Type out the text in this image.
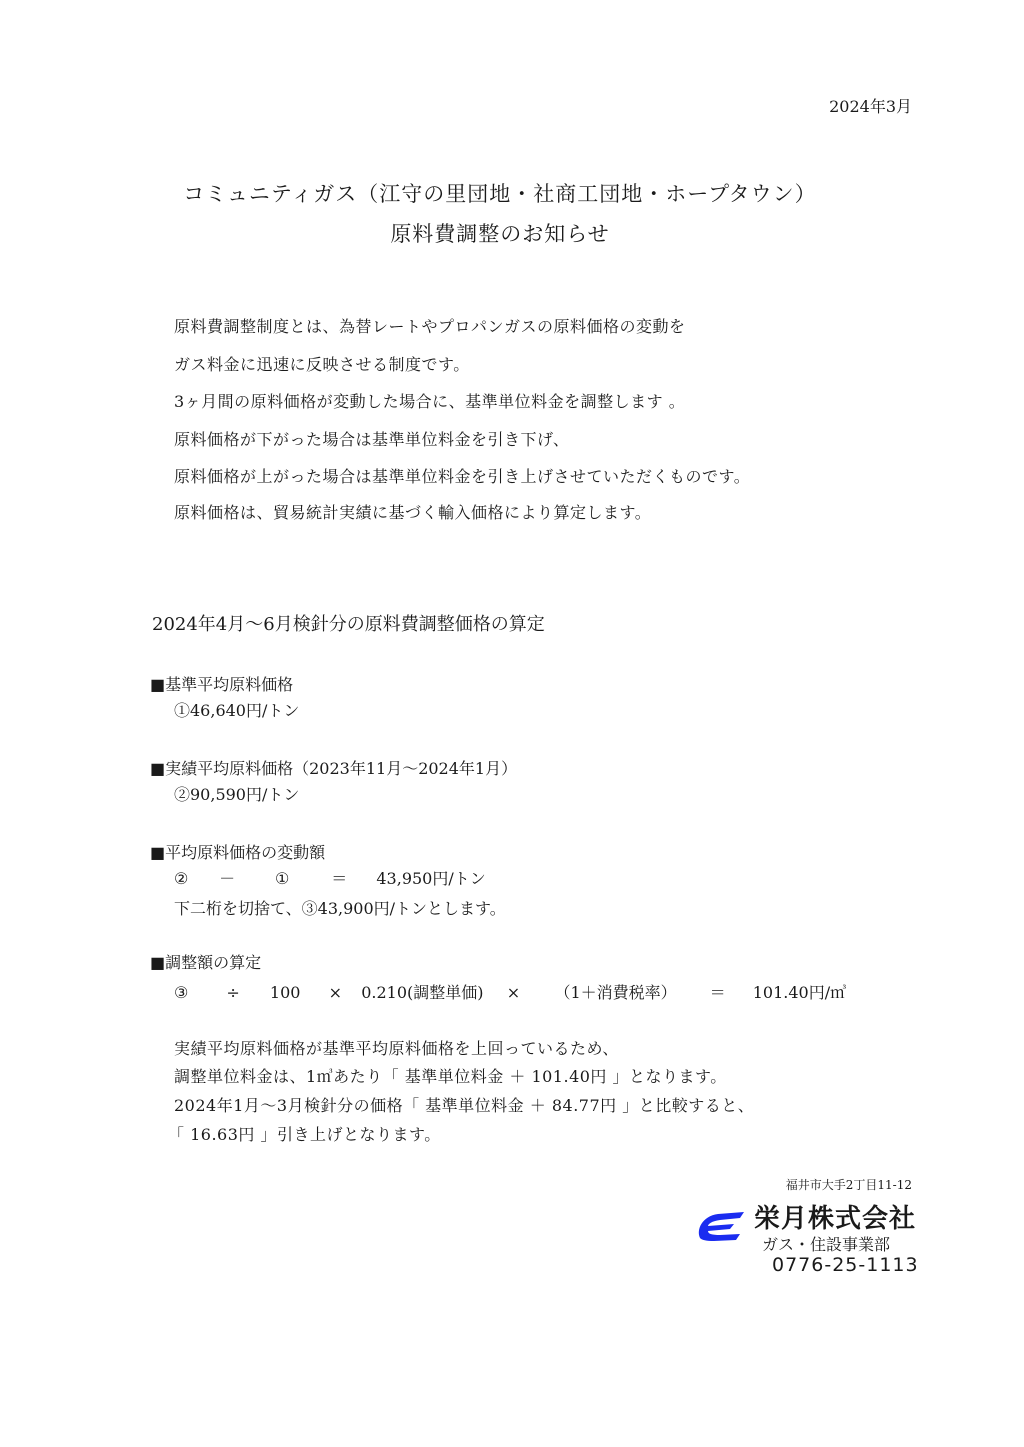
2024年3月
コミュニティガス（江守の里団地・社商工団地・ホープタウン）
原料費調整のお知らせ
原料費調整制度とは、為替レートやプロパンガスの原料価格の変動を
ガス料金に迅速に反映させる制度です。
3ヶ月間の原料価格が変動した場合に、基準単位料金を調整します 。
原料価格が下がった場合は基準単位料金を引き下げ、
原料価格が上がった場合は基準単位料金を引き上げさせていただくものです。
原料価格は、貿易統計実績に基づく輸入価格により算定します。
2024年4月～6月検針分の原料費調整価格の算定
■基準平均原料価格
①46,640円/トン
■実績平均原料価格（2023年11月～2024年1月）
②90,590円/トン
■平均原料価格の変動額
② － ①	＝ 43,950円/トン
下二桁を切捨て、③43,900円/トンとします。
■調整額の算定
③ ÷ 100 × 0.210(調整単価) × （1＋消費税率） ＝ 101.40円/㎥
実績平均原料価格が基準平均原料価格を上回っているため、
調整単位料金は、1㎥あたり「 基準単位料金 ＋ 101.40円 」となります。
2024年1月～3月検針分の価格「 基準単位料金 ＋ 84.77円 」と比較すると、
「 16.63円 」引き上げとなります。
福井市大手2丁目11-12
栄月株式会社
ガス・住設事業部
0776-25-1113
